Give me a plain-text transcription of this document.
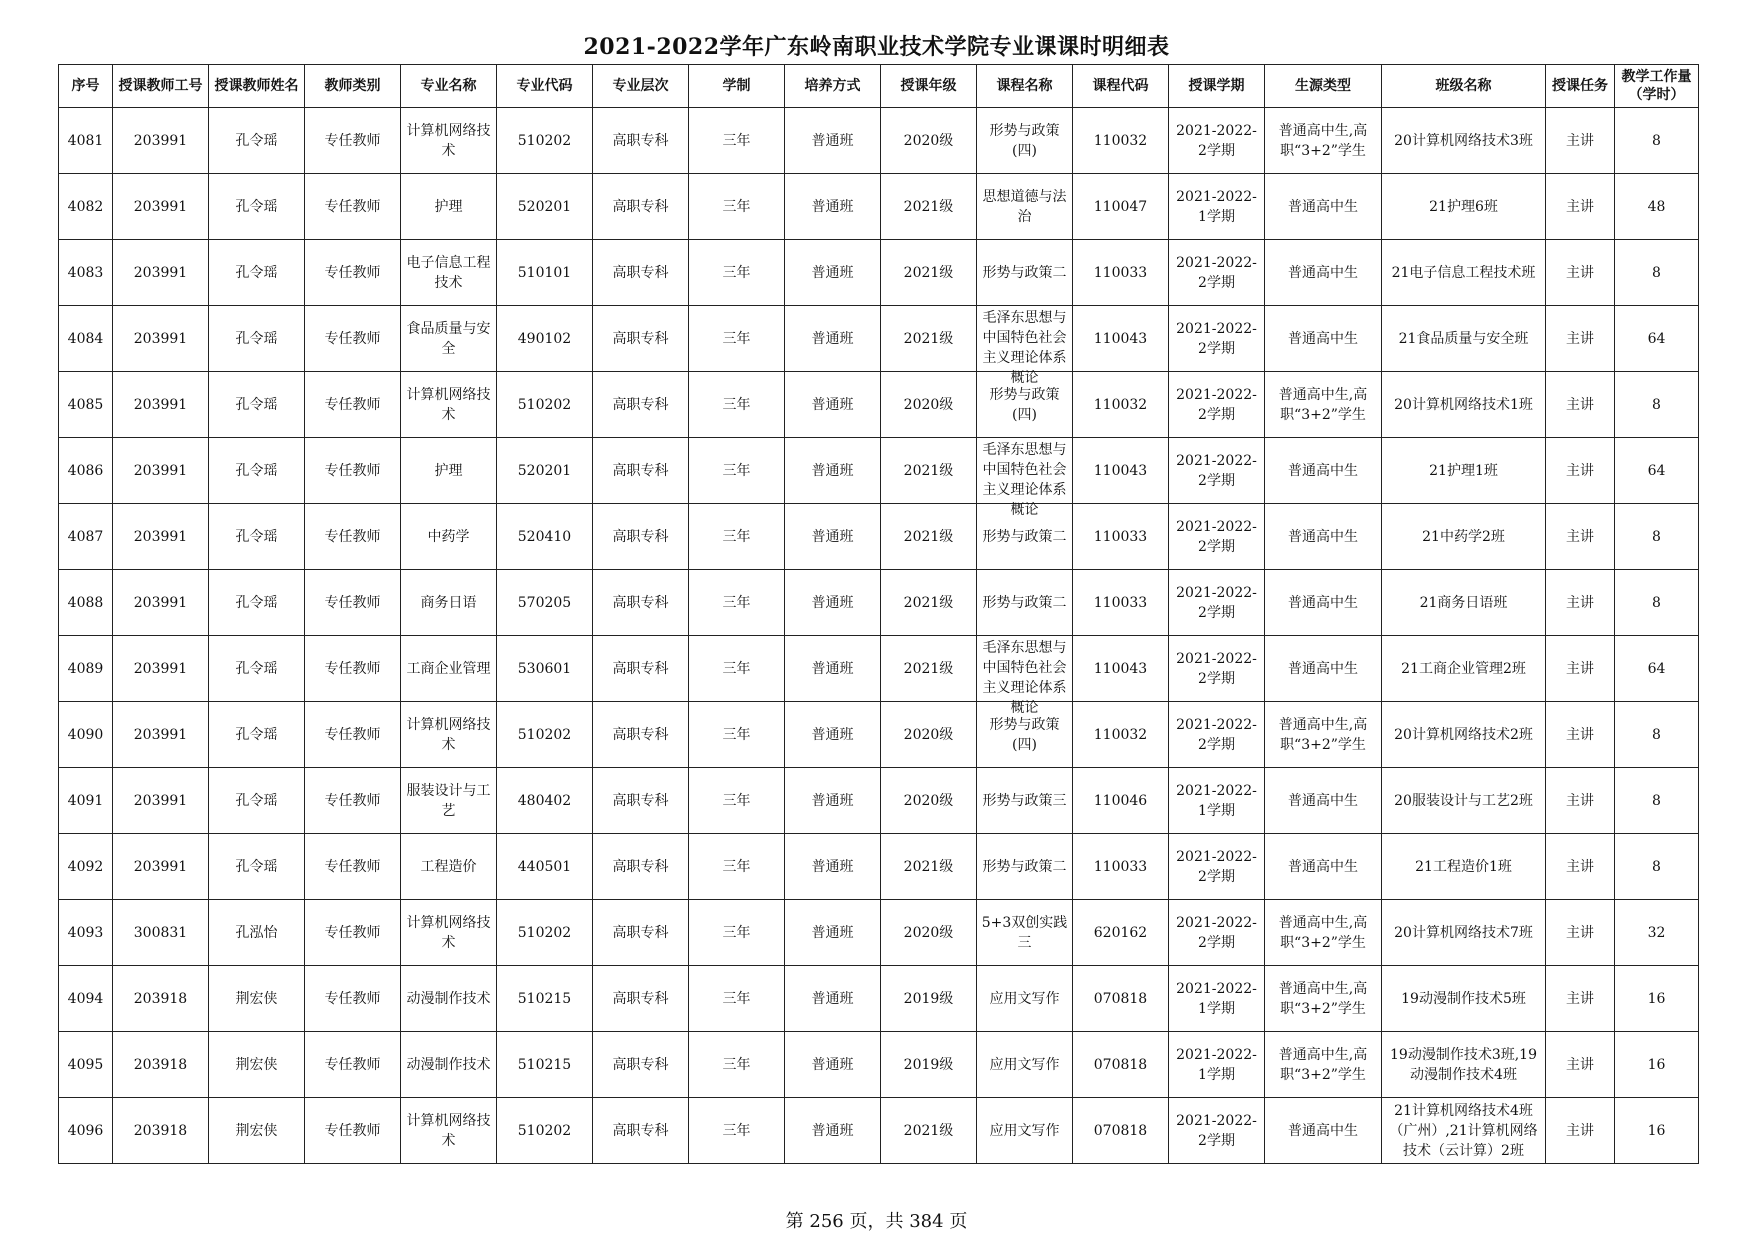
2021-2022学年广东岭南职业技术学院专业课课时明细表
序号	授课教师工号	授课教师姓名	教师类别	专业名称	专业代码	专业层次	学制	培养方式	授课年级	课程名称	课程代码	授课学期	生源类型	班级名称	授课任务	教学工作量（学时）

4081	203991	孔令瑶	专任教师	计算机网络技术	510202	高职专科	三年	普通班	2020级	形势与政策(四)	110032	2021-2022-2学期	普通高中生,高职“3+2”学生	20计算机网络技术3班	主讲	8

4082	203991	孔令瑶	专任教师	护理	520201	高职专科	三年	普通班	2021级	思想道德与法治	110047	2021-2022-1学期	普通高中生	21护理6班	主讲	48

4083	203991	孔令瑶	专任教师	电子信息工程技术	510101	高职专科	三年	普通班	2021级	形势与政策二	110033	2021-2022-2学期	普通高中生	21电子信息工程技术班	主讲	8

4084	203991	孔令瑶	专任教师	食品质量与安全	490102	高职专科	三年	普通班	2021级	毛泽东思想与中国特色社会主义理论体系概论	110043	2021-2022-2学期	普通高中生	21食品质量与安全班	主讲	64

4085	203991	孔令瑶	专任教师	计算机网络技术	510202	高职专科	三年	普通班	2020级	形势与政策(四)	110032	2021-2022-2学期	普通高中生,高职“3+2”学生	20计算机网络技术1班	主讲	8

4086	203991	孔令瑶	专任教师	护理	520201	高职专科	三年	普通班	2021级	毛泽东思想与中国特色社会主义理论体系概论	110043	2021-2022-2学期	普通高中生	21护理1班	主讲	64

4087	203991	孔令瑶	专任教师	中药学	520410	高职专科	三年	普通班	2021级	形势与政策二	110033	2021-2022-2学期	普通高中生	21中药学2班	主讲	8

4088	203991	孔令瑶	专任教师	商务日语	570205	高职专科	三年	普通班	2021级	形势与政策二	110033	2021-2022-2学期	普通高中生	21商务日语班	主讲	8

4089	203991	孔令瑶	专任教师	工商企业管理	530601	高职专科	三年	普通班	2021级	毛泽东思想与中国特色社会主义理论体系概论	110043	2021-2022-2学期	普通高中生	21工商企业管理2班	主讲	64

4090	203991	孔令瑶	专任教师	计算机网络技术	510202	高职专科	三年	普通班	2020级	形势与政策(四)	110032	2021-2022-2学期	普通高中生,高职“3+2”学生	20计算机网络技术2班	主讲	8

4091	203991	孔令瑶	专任教师	服装设计与工艺	480402	高职专科	三年	普通班	2020级	形势与政策三	110046	2021-2022-1学期	普通高中生	20服装设计与工艺2班	主讲	8

4092	203991	孔令瑶	专任教师	工程造价	440501	高职专科	三年	普通班	2021级	形势与政策二	110033	2021-2022-2学期	普通高中生	21工程造价1班	主讲	8

4093	300831	孔泓怡	专任教师	计算机网络技术	510202	高职专科	三年	普通班	2020级	5+3双创实践三	620162	2021-2022-2学期	普通高中生,高职“3+2”学生	20计算机网络技术7班	主讲	32

4094	203918	荆宏侠	专任教师	动漫制作技术	510215	高职专科	三年	普通班	2019级	应用文写作	070818	2021-2022-1学期	普通高中生,高职“3+2”学生	19动漫制作技术5班	主讲	16

4095	203918	荆宏侠	专任教师	动漫制作技术	510215	高职专科	三年	普通班	2019级	应用文写作	070818	2021-2022-1学期	普通高中生,高职“3+2”学生	19动漫制作技术3班,19动漫制作技术4班	主讲	16

4096	203918	荆宏侠	专任教师	计算机网络技术	510202	高职专科	三年	普通班	2021级	应用文写作	070818	2021-2022-2学期	普通高中生	21计算机网络技术4班（广州）,21计算机网络技术（云计算）2班	主讲	16
第 256 页，共 384 页
